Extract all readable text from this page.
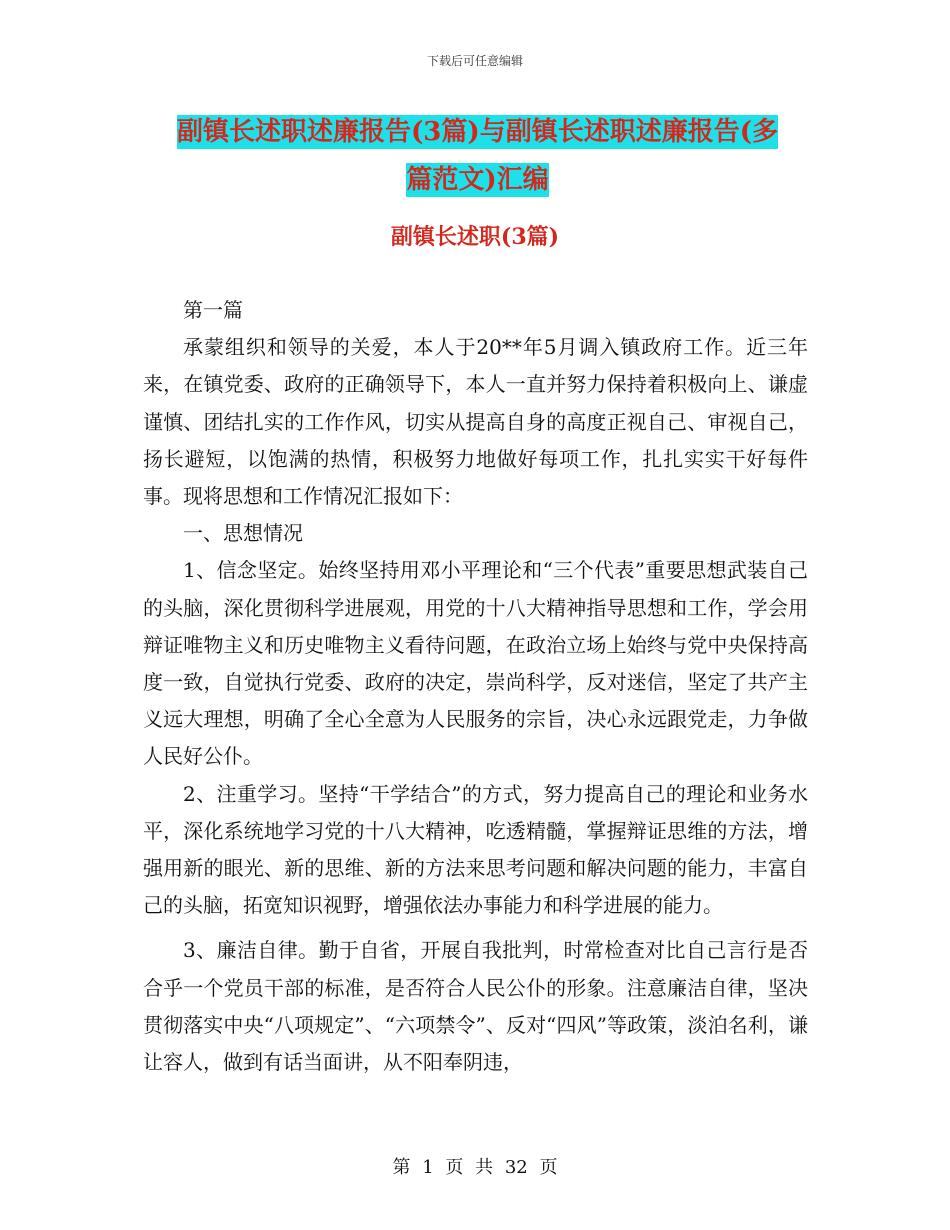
下载后可任意编辑
副镇长述职述廉报告(3篇)与副镇长述职述廉报告(多
篇范文)汇编
副镇长述职(3篇)

第一篇

承蒙组织和领导的关爱，本人于20**年5月调入镇政府工作。近三年来，在镇党委、政府的正确领导下，本人一直并努力保持着积极向上、谦虚谨慎、团结扎实的工作作风，切实从提高自身的高度正视自己、审视自己，扬长避短，以饱满的热情，积极努力地做好每项工作，扎扎实实干好每件事。现将思想和工作情况汇报如下：

一、思想情况

1、信念坚定。始终坚持用邓小平理论和“三个代表”重要思想武装自己的头脑，深化贯彻科学进展观，用党的十八大精神指导思想和工作，学会用辩证唯物主义和历史唯物主义看待问题，在政治立场上始终与党中央保持高度一致，自觉执行党委、政府的决定，崇尚科学，反对迷信，坚定了共产主义远大理想，明确了全心全意为人民服务的宗旨，决心永远跟党走，力争做人民好公仆。

2、注重学习。坚持“干学结合”的方式，努力提高自己的理论和业务水平，深化系统地学习党的十八大精神，吃透精髓，掌握辩证思维的方法，增强用新的眼光、新的思维、新的方法来思考问题和解决问题的能力，丰富自己的头脑，拓宽知识视野，增强依法办事能力和科学进展的能力。

3、廉洁自律。勤于自省，开展自我批判，时常检查对比自己言行是否合乎一个党员干部的标准，是否符合人民公仆的形象。注意廉洁自律，坚决贯彻落实中央“八项规定”、“六项禁令”、反对“四风”等政策，淡泊名利，谦让容人，做到有话当面讲，从不阳奉阴违，

第 1 页 共 32 页
